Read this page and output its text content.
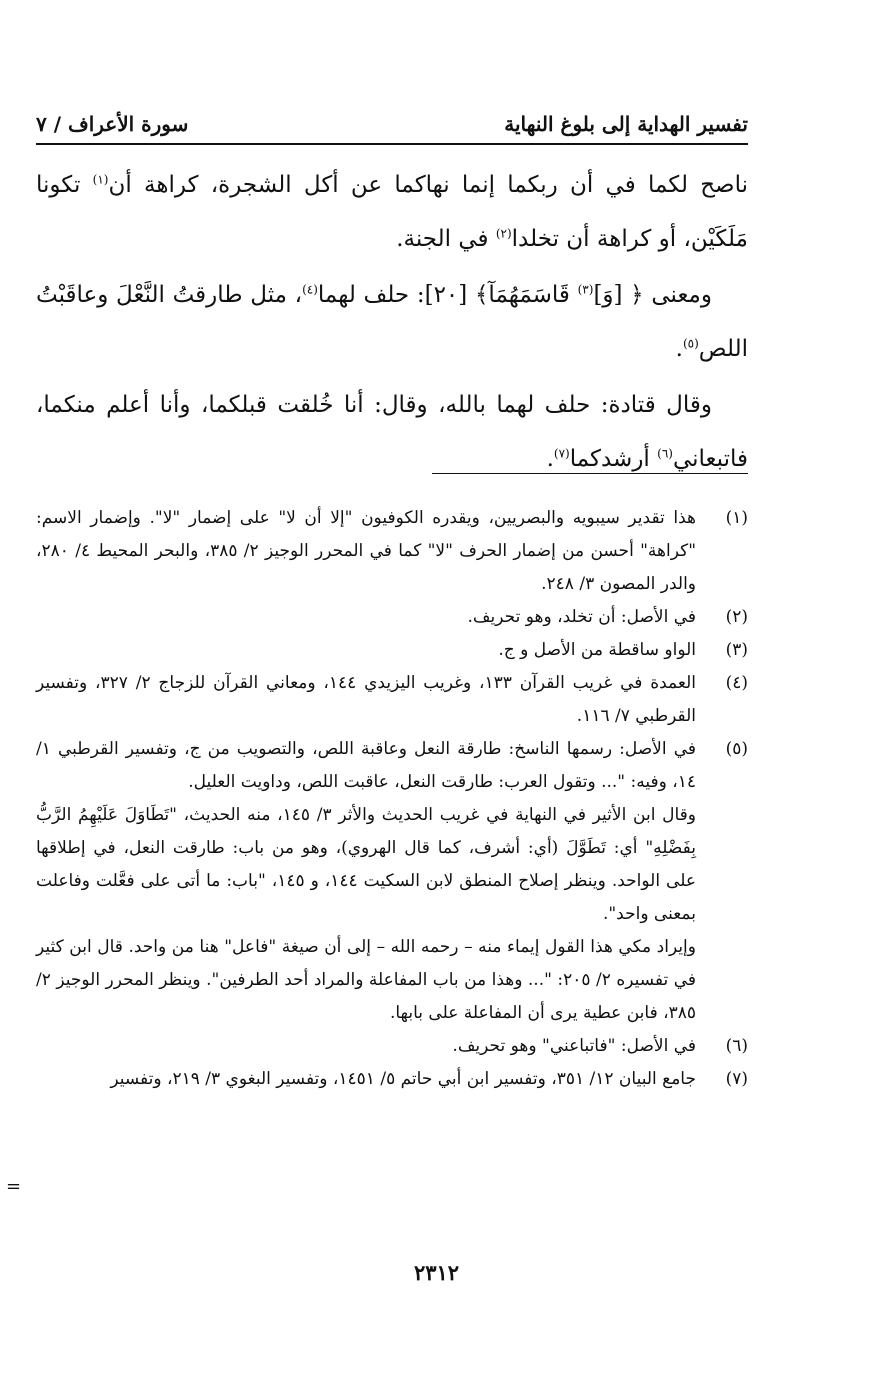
تفسير الهداية إلى بلوغ النهاية
سورة الأعراف / ٧

ناصح لكما في أن ربكما إنما نهاكما عن أكل الشجرة، كراهة أن$^{(١)}$ تكونا مَلَكَيْن، أو كراهة أن تخلدا$^{(٢)}$ في الجنة.

ومعنى ﴿ [وَ]$^{(٣)}$ قَاسَمَهُمَآ﴾ [٢٠]: حلف لهما$^{(٤)}$، مثل طارقتُ النَّعْلَ وعاقَبْتُ اللص$^{(٥)}$.

وقال قتادة: حلف لهما بالله، وقال: أنا خُلقت قبلكما، وأنا أعلم منكما، فاتبعاني$^{(٦)}$ أرشدكما$^{(٧)}$.

(١)

هذا تقدير سيبويه والبصريين، ويقدره الكوفيون "إلا أن لا" على إضمار "لا". وإضمار الاسم: "كراهة" أحسن من إضمار الحرف "لا" كما في المحرر الوجيز ٢/ ٣٨٥، والبحر المحيط ٤/ ٢٨٠، والدر المصون ٣/ ٢٤٨.

(٢)

في الأصل: أن تخلد، وهو تحريف.

(٣)

الواو ساقطة من الأصل و ج.

(٤)

العمدة في غريب القرآن ١٣٣، وغريب اليزيدي ١٤٤، ومعاني القرآن للزجاج ٢/ ٣٢٧، وتفسير القرطبي ٧/ ١١٦.

(٥)

في الأصل: رسمها الناسخ: طارقة النعل وعاقبة اللص، والتصويب من ج، وتفسير القرطبي ١/ ١٤، وفيه: "... وتقول العرب: طارقت النعل، عاقبت اللص، وداويت العليل.

وقال ابن الأثير في النهاية في غريب الحديث والأثر ٣/ ١٤٥، منه الحديث، "تَطَاوَلَ عَلَيْهِمُ الرَّبُّ بِفَضْلِهِ" أي: تَطَوَّلَ (أي: أشرف، كما قال الهروي)، وهو من باب: طارقت النعل، في إطلاقها على الواحد. وينظر إصلاح المنطق لابن السكيت ١٤٤، و ١٤٥، "باب: ما أتى على فعَّلت وفاعلت بمعنى واحد".

وإيراد مكي هذا القول إيماء منه – رحمه الله – إلى أن صيغة "فاعل" هنا من واحد. قال ابن كثير في تفسيره ٢/ ٢٠٥: "... وهذا من باب المفاعلة والمراد أحد الطرفين". وينظر المحرر الوجيز ٢/ ٣٨٥، فابن عطية يرى أن المفاعلة على بابها.

(٦)

في الأصل: "فاتباعني" وهو تحريف.

(٧)

جامع البيان ١٢/ ٣٥١، وتفسير ابن أبي حاتم ٥/ ١٤٥١، وتفسير البغوي ٣/ ٢١٩، وتفسير

=
٢٣١٢
